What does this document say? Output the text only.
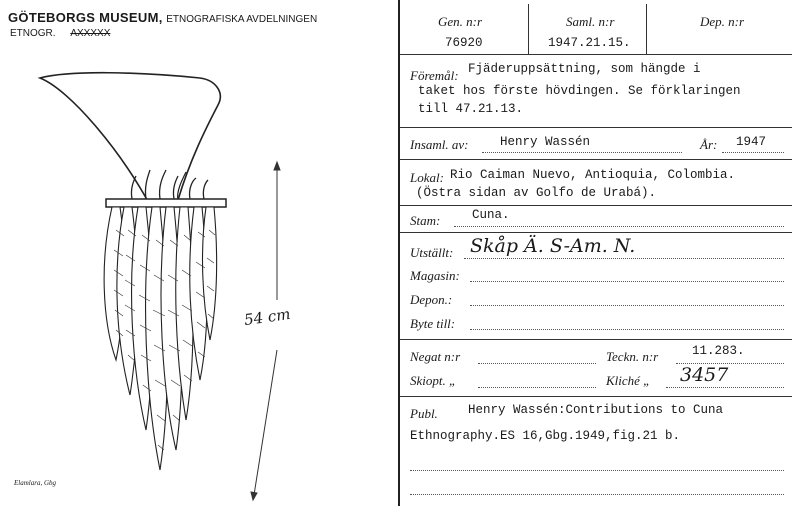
GÖTEBORGS MUSEUM, ETNOGRAFISKA AVDELNINGEN
ETNOGR. AXXXXX
54 cm
Elamlara, Gbg
Gen. n:r
76920
Saml. n:r
1947.21.15.
Dep. n:r
Föremål: Fjäderuppsättning, som hängde i
taket hos förste hövdingen. Se förklaringen
till 47.21.13.
Insaml. av:	Henry Wassén	År: 1947
Lokal: Rio Caiman Nuevo, Antioquia, Colombia.
(Östra sidan av Golfo de Urabá).
Stam:	Cuna.
Utställt: Skåp Ä. S-Am. N.
Magasin:
Depon.:
Byte till:
Negat n:r	Teckn. n:r	11.283.
Skiopt. „	Kliché „ 3457
Publ. Henry Wassén:Contributions to Cuna
Ethnography.ES 16,Gbg.1949,fig.21 b.
